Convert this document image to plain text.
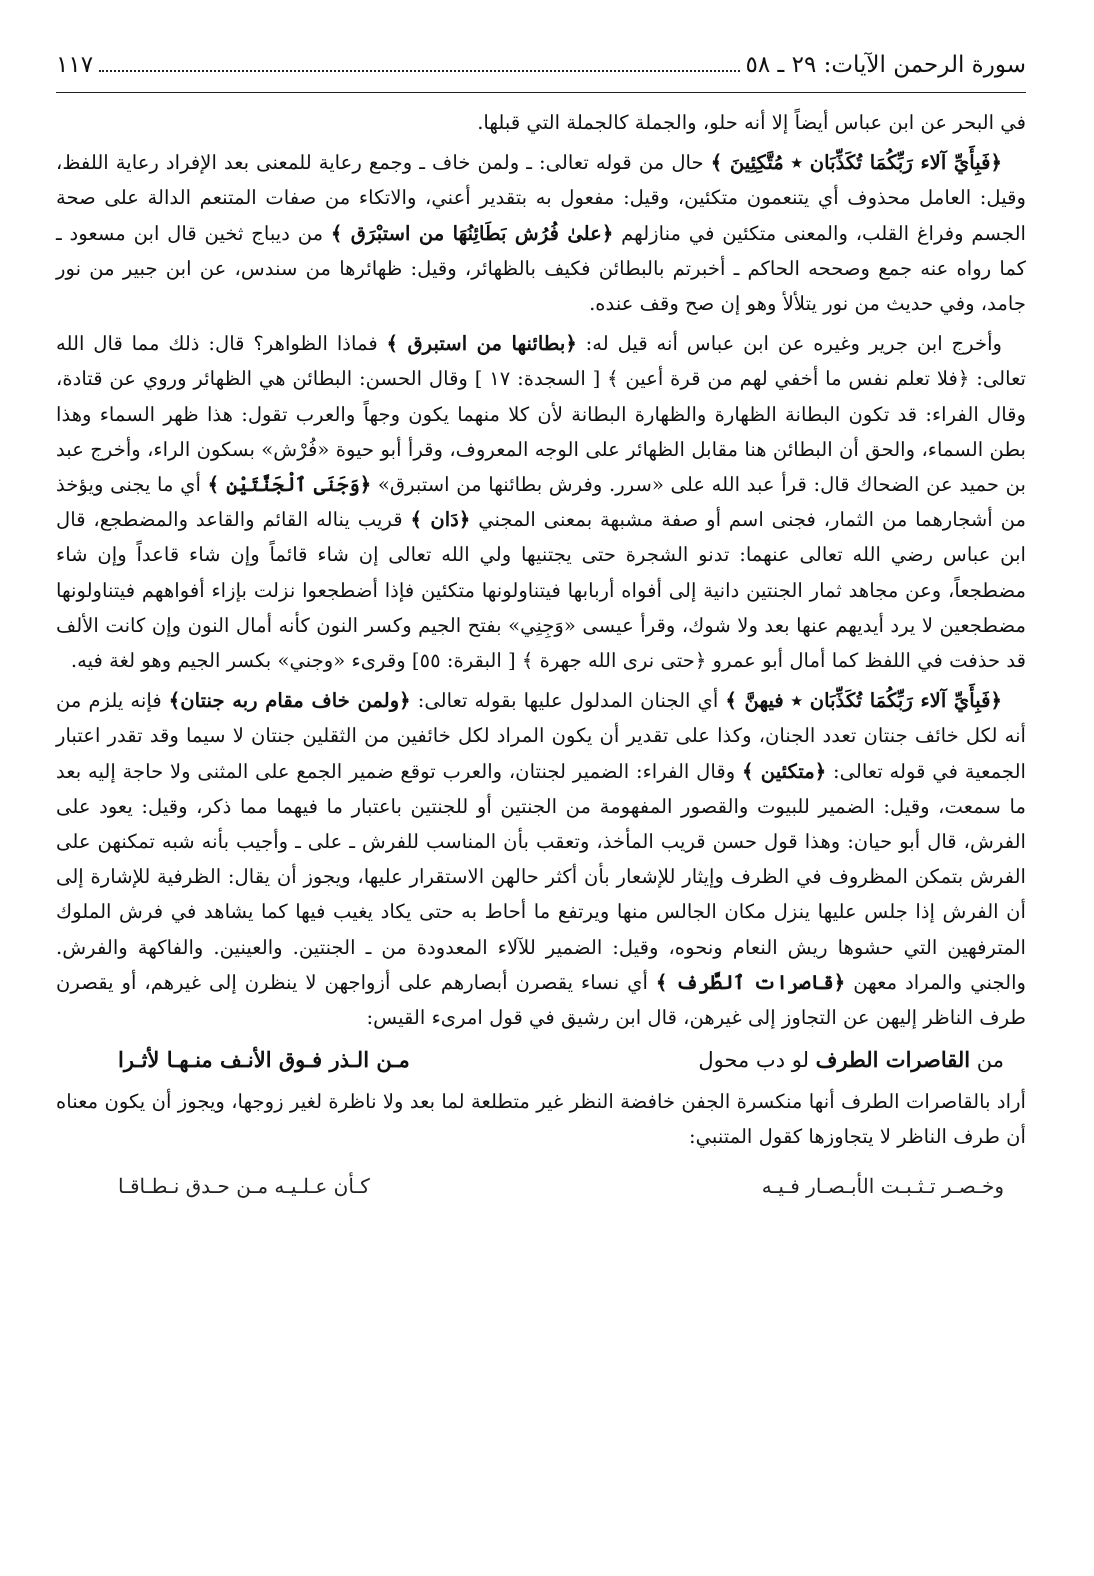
سورة الرحمن الآيات: ٢٩ ـ ٥٨
١١٧

في البحر عن ابن عباس أيضاً إلا أنه حلو، والجملة كالجملة التي قبلها.

﴿فَبِأَيِّ آلاء رَبِّكُمَا تُكَذِّبَان ٭ مُتَّكِئِينَ ﴾ حال من قوله تعالى: ـ ولمن خاف ـ وجمع رعاية للمعنى بعد الإفراد رعاية اللفظ، وقيل: العامل محذوف أي يتنعمون متكئين، وقيل: مفعول به بتقدير أعني، والاتكاء من صفات المتنعم الدالة على صحة الجسم وفراغ القلب، والمعنى متكئين في منازلهم ﴿علىٰ فُرُش بَطَائِنُهَا من استبْرَق ﴾ من ديباج ثخين قال ابن مسعود ـ كما رواه عنه جمع وصححه الحاكم ـ أخبرتم بالبطائن فكيف بالظهائر، وقيل: ظهائرها من سندس، عن ابن جبير من نور جامد، وفي حديث من نور يتلألأ وهو إن صح وقف عنده.

وأخرج ابن جرير وغيره عن ابن عباس أنه قيل له: ﴿بطائنها من استبرق ﴾ فماذا الظواهر؟ قال: ذلك مما قال الله تعالى: ﴿فلا تعلم نفس ما أخفي لهم من قرة أعين ﴾ [ السجدة: ١٧ ] وقال الحسن: البطائن هي الظهائر وروي عن قتادة، وقال الفراء: قد تكون البطانة الظهارة والظهارة البطانة لأن كلا منهما يكون وجهاً والعرب تقول: هذا ظهر السماء وهذا بطن السماء، والحق أن البطائن هنا مقابل الظهائر على الوجه المعروف، وقرأ أبو حيوة «فُرْش» بسكون الراء، وأخرج عبد بن حميد عن الضحاك قال: قرأ عبد الله على «سرر. وفرش بطائنها من استبرق» ﴿وَجَنَى ٱلْجَنَّتَيْنِ ﴾ أي ما يجنى ويؤخذ من أشجارهما من الثمار، فجنى اسم أو صفة مشبهة بمعنى المجني ﴿دَان ﴾ قريب يناله القائم والقاعد والمضطجع، قال ابن عباس رضي الله تعالى عنهما: تدنو الشجرة حتى يجتنيها ولي الله تعالى إن شاء قائماً وإن شاء قاعداً وإن شاء مضطجعاً، وعن مجاهد ثمار الجنتين دانية إلى أفواه أربابها فيتناولونها متكئين فإذا أضطجعوا نزلت بإزاء أفواههم فيتناولونها مضطجعين لا يرد أيديهم عنها بعد ولا شوك، وقرأ عيسى «وَجِنِي» بفتح الجيم وكسر النون كأنه أمال النون وإن كانت الألف قد حذفت في اللفظ كما أمال أبو عمرو ﴿حتى نرى الله جهرة ﴾ [ البقرة: ٥٥] وقرىء «وجني» بكسر الجيم وهو لغة فيه.

﴿فَبِأَيِّ آلاء رَبِّكُمَا تُكَذِّبَان ٭ فيهنَّ ﴾ أي الجنان المدلول عليها بقوله تعالى: ﴿ولمن خاف مقام ربه جنتان﴾ فإنه يلزم من أنه لكل خائف جنتان تعدد الجنان، وكذا على تقدير أن يكون المراد لكل خائفين من الثقلين جنتان لا سيما وقد تقدر اعتبار الجمعية في قوله تعالى: ﴿متكئين ﴾ وقال الفراء: الضمير لجنتان، والعرب توقع ضمير الجمع على المثنى ولا حاجة إليه بعد ما سمعت، وقيل: الضمير للبيوت والقصور المفهومة من الجنتين أو للجنتين باعتبار ما فيهما مما ذكر، وقيل: يعود على الفرش، قال أبو حيان: وهذا قول حسن قريب المأخذ، وتعقب بأن المناسب للفرش ـ على ـ وأجيب بأنه شبه تمكنهن على الفرش بتمكن المظروف في الظرف وإيثار للإشعار بأن أكثر حالهن الاستقرار عليها، ويجوز أن يقال: الظرفية للإشارة إلى أن الفرش إذا جلس عليها ينزل مكان الجالس منها ويرتفع ما أحاط به حتى يكاد يغيب فيها كما يشاهد في فرش الملوك المترفهين التي حشوها ريش النعام ونحوه، وقيل: الضمير للآلاء المعدودة من ـ الجنتين. والعينين. والفاكهة والفرش. والجني والمراد معهن ﴿قاصرات ٱلطَّرف ﴾ أي نساء يقصرن أبصارهم على أزواجهن لا ينظرن إلى غيرهم، أو يقصرن طرف الناظر إليهن عن التجاوز إلى غيرهن، قال ابن رشيق في قول امرىء القيس:

من القاصرات الطرف لو دب محول
مـن الـذر فـوق الأنـف منـهـا لأثـرا

أراد بالقاصرات الطرف أنها منكسرة الجفن خافضة النظر غير متطلعة لما بعد ولا ناظرة لغير زوجها، ويجوز أن يكون معناه أن طرف الناظر لا يتجاوزها كقول المتنبي:

وخـصـر تـثـبـت الأبـصـار فـيـه
كـأن عـلـيـه مـن حـدق نـطـاقـا
